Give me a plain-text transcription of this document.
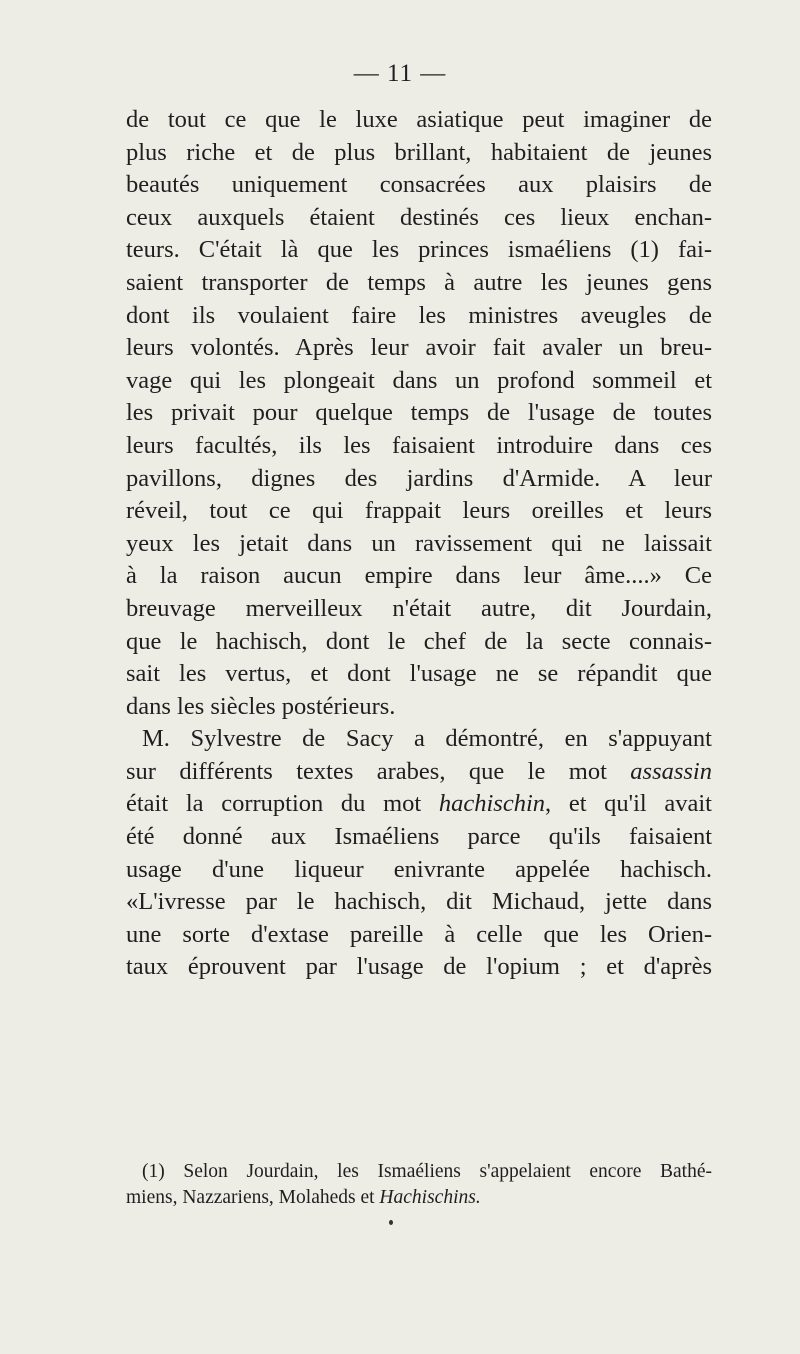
— 11 —
de tout ce que le luxe asiatique peut imaginer de
plus riche et de plus brillant, habitaient de jeunes
beautés uniquement consacrées aux plaisirs de
ceux auxquels étaient destinés ces lieux enchan-
teurs. C'était là que les princes ismaéliens (1) fai-
saient transporter de temps à autre les jeunes gens
dont ils voulaient faire les ministres aveugles de
leurs volontés. Après leur avoir fait avaler un breu-
vage qui les plongeait dans un profond sommeil et
les privait pour quelque temps de l'usage de toutes
leurs facultés, ils les faisaient introduire dans ces
pavillons, dignes des jardins d'Armide. A leur
réveil, tout ce qui frappait leurs oreilles et leurs
yeux les jetait dans un ravissement qui ne laissait
à la raison aucun empire dans leur âme....» Ce
breuvage merveilleux n'était autre, dit Jourdain,
que le hachisch, dont le chef de la secte connais-
sait les vertus, et dont l'usage ne se répandit que
dans les siècles postérieurs.
M. Sylvestre de Sacy a démontré, en s'appuyant
sur différents textes arabes, que le mot assassin
était la corruption du mot hachischin, et qu'il avait
été donné aux Ismaéliens parce qu'ils faisaient
usage d'une liqueur enivrante appelée hachisch.
«L'ivresse par le hachisch, dit Michaud, jette dans
une sorte d'extase pareille à celle que les Orien-
taux éprouvent par l'usage de l'opium ; et d'après
(1) Selon Jourdain, les Ismaéliens s'appelaient encore Bathé-
miens, Nazzariens, Molaheds et Hachischins.
